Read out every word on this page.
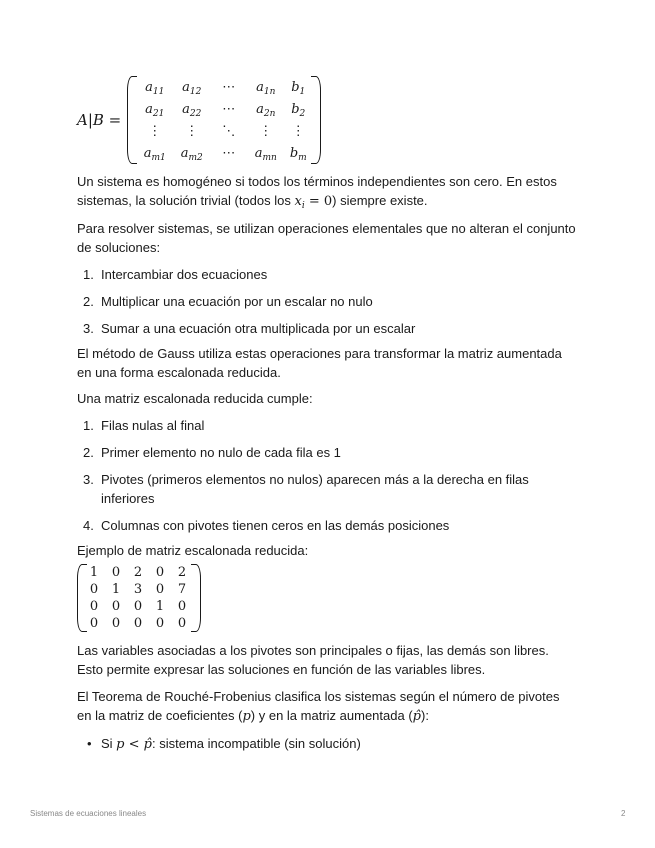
A|B =
$a_{11}$	$a_{12}$	⋯	$a_{1n}$	$b_1$
$a_{21}$	$a_{22}$	⋯	$a_{2n}$	$b_2$
⋮	⋮	⋱	⋮	⋮
$a_{m1}$	$a_{m2}$	⋯	$a_{mn}$	$b_m$

Un sistema es homogéneo si todos los términos independientes son cero. En estos sistemas, la solución trivial (todos los $x_i = 0$) siempre existe.

Para resolver sistemas, se utilizan operaciones elementales que no alteran el conjunto de soluciones:

1. Intercambiar dos ecuaciones
2. Multiplicar una ecuación por un escalar no nulo
3. Sumar a una ecuación otra multiplicada por un escalar

El método de Gauss utiliza estas operaciones para transformar la matriz aumentada en una forma escalonada reducida.

Una matriz escalonada reducida cumple:

1. Filas nulas al final
2. Primer elemento no nulo de cada fila es 1
3. Pivotes (primeros elementos no nulos) aparecen más a la derecha en filas inferiores
4. Columnas con pivotes tienen ceros en las demás posiciones

Ejemplo de matriz escalonada reducida:

1	0	2	0	2
0	1	3	0	7
0	0	0	1	0
0	0	0	0	0

Las variables asociadas a los pivotes son principales o fijas, las demás son libres. Esto permite expresar las soluciones en función de las variables libres.

El Teorema de Rouché-Frobenius clasifica los sistemas según el número de pivotes en la matriz de coeficientes (p) y en la matriz aumentada (p̂):

• Si p < p̂: sistema incompatible (sin solución)
Sistemas de ecuaciones lineales	2
